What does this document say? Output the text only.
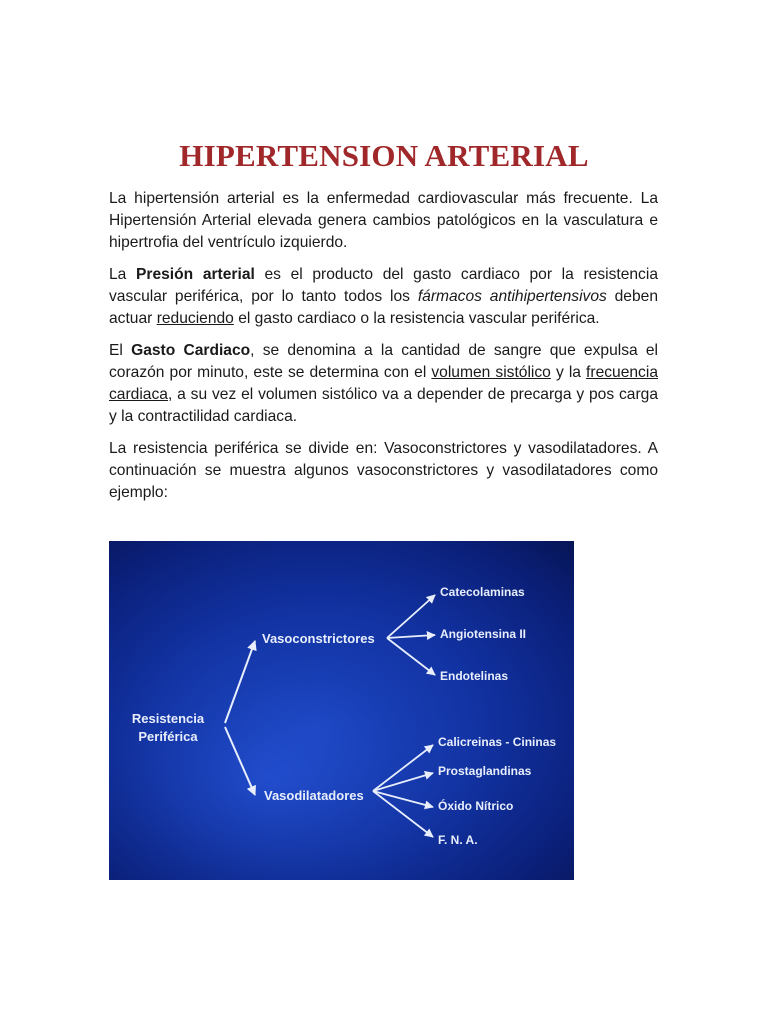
HIPERTENSION ARTERIAL

La hipertensión arterial es la enfermedad cardiovascular más frecuente. La Hipertensión Arterial elevada genera cambios patológicos en la vasculatura e hipertrofia del ventrículo izquierdo.

La Presión arterial es el producto del gasto cardiaco por la resistencia vascular periférica, por lo tanto todos los fármacos antihipertensivos deben actuar reduciendo el gasto cardiaco o la resistencia vascular periférica.

El Gasto Cardiaco, se denomina a la cantidad de sangre que expulsa el corazón por minuto, este se determina con el volumen sistólico y la frecuencia cardiaca, a su vez el volumen sistólico va a depender de precarga y pos carga y la contractilidad cardiaca.

La resistencia periférica se divide en: Vasoconstrictores y vasodilatadores. A continuación se muestra algunos vasoconstrictores y vasodilatadores como ejemplo:

Resistencia
Periférica
Vasoconstrictores
Catecolaminas
Angiotensina II
Endotelinas
Vasodilatadores
Calicreinas - Cininas
Prostaglandinas
Óxido Nítrico
F. N. A.
